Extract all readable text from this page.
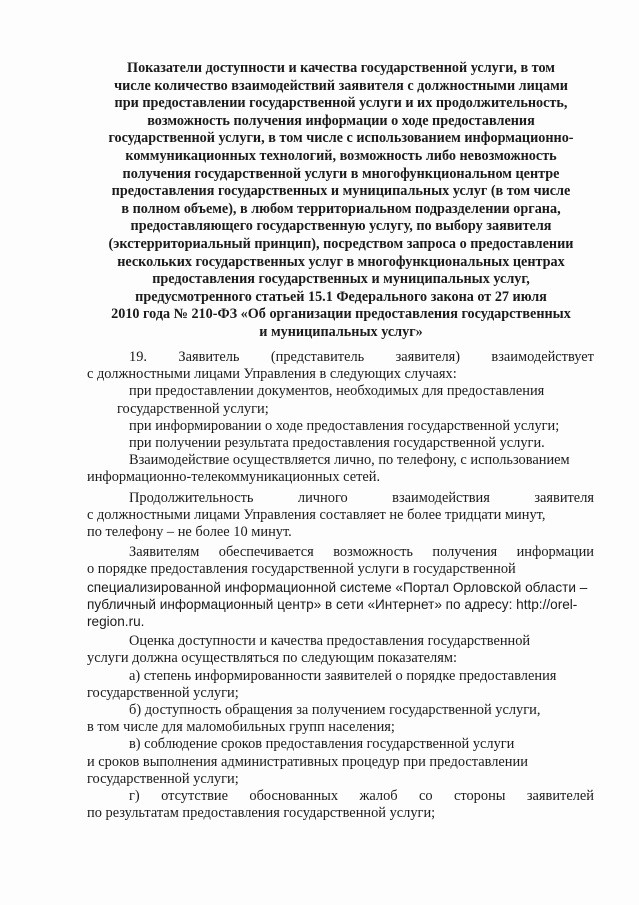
Показатели доступности и качества государственной услуги, в том
числе количество взаимодействий заявителя с должностными лицами
при предоставлении государственной услуги и их продолжительность,
возможность получения информации о ходе предоставления
государственной услуги, в том числе с использованием информационно-
коммуникационных технологий, возможность либо невозможность
получения государственной услуги в многофункциональном центре
предоставления государственных и муниципальных услуг (в том числе
в полном объеме), в любом территориальном подразделении органа,
предоставляющего государственную услугу, по выбору заявителя
(экстерриториальный принцип), посредством запроса о предоставлении
нескольких государственных услуг в многофункциональных центрах
предоставления государственных и муниципальных услуг,
предусмотренного статьей 15.1 Федерального закона от 27 июля
2010 года № 210-ФЗ «Об организации предоставления государственных
и муниципальных услуг»
19. Заявитель (представитель заявителя) взаимодействует
с должностными лицами Управления в следующих случаях:
при предоставлении документов, необходимых для предоставления
государственной услуги;
при информировании о ходе предоставления государственной услуги;
при получении результата предоставления государственной услуги.
Взаимодействие осуществляется лично, по телефону, с использованием
информационно-телекоммуникационных сетей.
Продолжительность	личного	взаимодействия	заявителя
с должностными лицами Управления составляет не более тридцати минут,
по телефону – не более 10 минут.
Заявителям обеспечивается возможность получения информации
о порядке предоставления государственной услуги в государственной
специализированной информационной системе «Портал Орловской области –
публичный информационный центр» в сети «Интернет» по адресу: http://orel-
region.ru.
Оценка доступности и качества предоставления государственной
услуги должна осуществляться по следующим показателям:
а) степень информированности заявителей о порядке предоставления
государственной услуги;
б) доступность обращения за получением государственной услуги,
в том числе для маломобильных групп населения;
в) соблюдение сроков предоставления государственной услуги
и сроков выполнения административных процедур при предоставлении
государственной услуги;
г) отсутствие обоснованных жалоб со стороны заявителей
по результатам предоставления государственной услуги;
